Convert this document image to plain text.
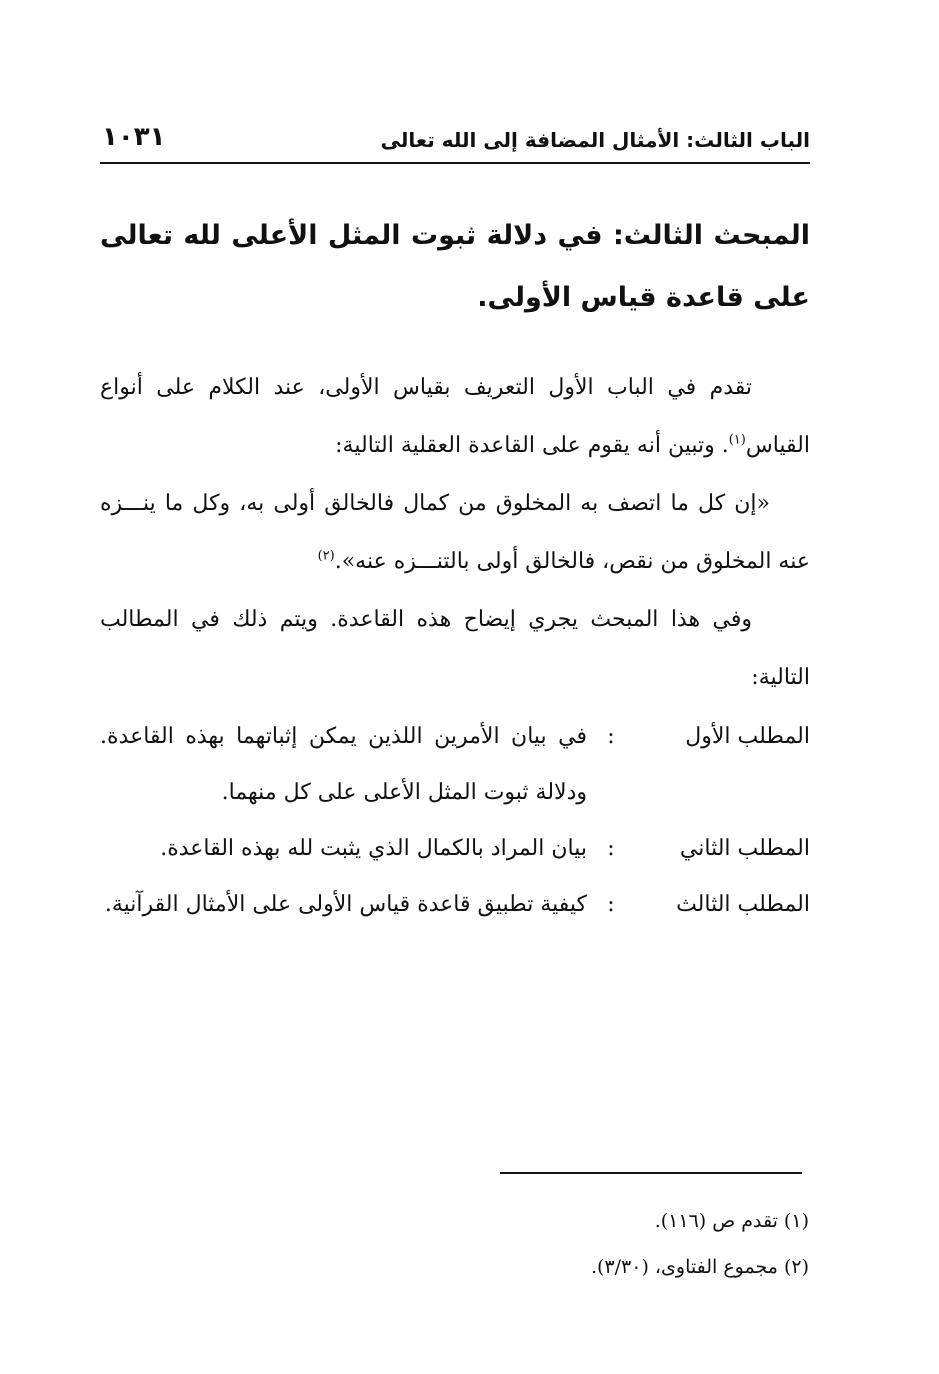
الباب الثالث: الأمثال المضافة إلى الله تعالى
١٠٣١
المبحث الثالث: في دلالة ثبوت المثل الأعلى لله تعالى على قاعدة قياس الأولى.

تقدم في الباب الأول التعريف بقياس الأولى، عند الكلام على أنواع القياس$^{(١)}$. وتبين أنه يقوم على القاعدة العقلية التالية:

«إن كل ما اتصف به المخلوق من كمال فالخالق أولى به، وكل ما ينـــزه عنه المخلوق من نقص، فالخالق أولى بالتنـــزه عنه».$^{(٢)}$

وفي هذا المبحث يجري إيضاح هذه القاعدة. ويتم ذلك في المطالب التالية:

المطلب الأول
:
في بيان الأمرين اللذين يمكن إثباتهما بهذه القاعدة. ودلالة ثبوت المثل الأعلى على كل منهما.
المطلب الثاني
:
بيان المراد بالكمال الذي يثبت لله بهذه القاعدة.
المطلب الثالث
:
كيفية تطبيق قاعدة قياس الأولى على الأمثال القرآنية.

(١) تقدم ص (١١٦).

(٢) مجموع الفتاوى، (٣/٣٠).
